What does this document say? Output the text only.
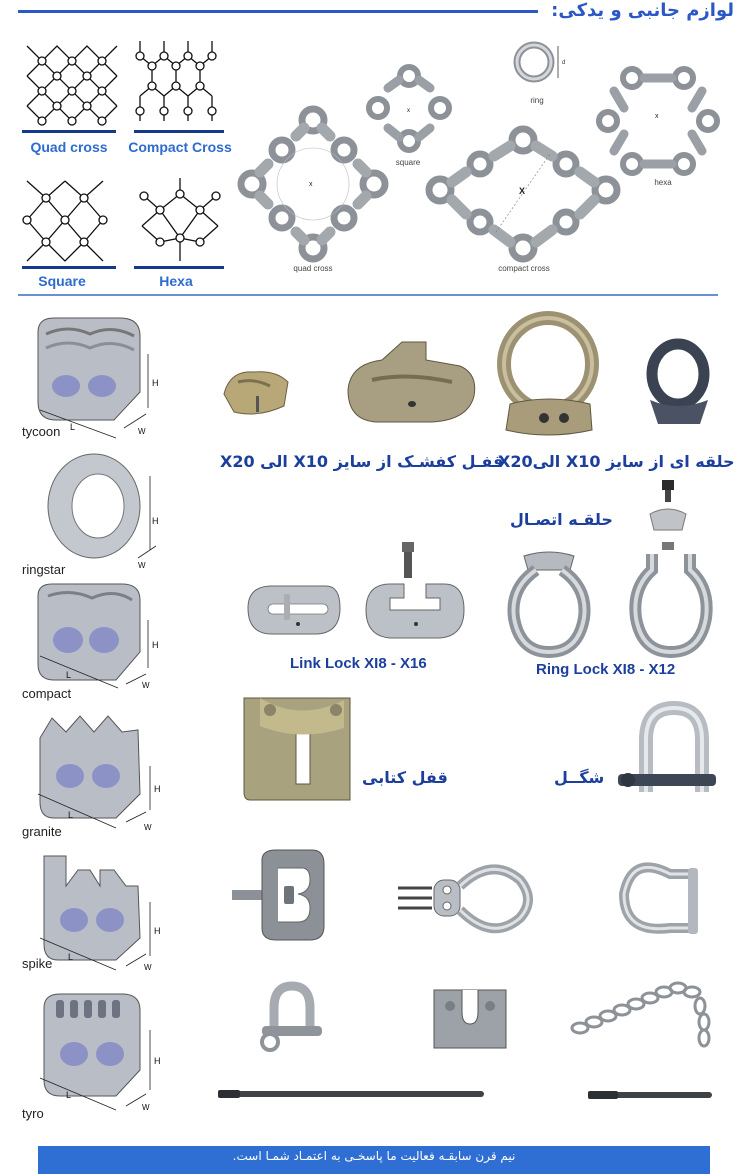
لوازم جانبی و یدکی:
Quad cross	Compact Cross
Square	Hexa
d
ring
x
square
x
hexa
x
quad cross
X
compact cross
H
L	W
tycoon
H
W
ringstar
H
L
W
compact
H
L
W
granite
H
L
W
spike
H
L
W
tyro
حلقه ای از سایز X10 الیX20
قفـل کفشـک از سایز X10 الی X20
حلقـه اتصـال
Link Lock XI8 - X16	Ring Lock XI8 - X12
قفل کتابی	شگــل
نیم قرن سابقـه فعالیت ما پاسخـی به اعتمـاد شمـا است.
